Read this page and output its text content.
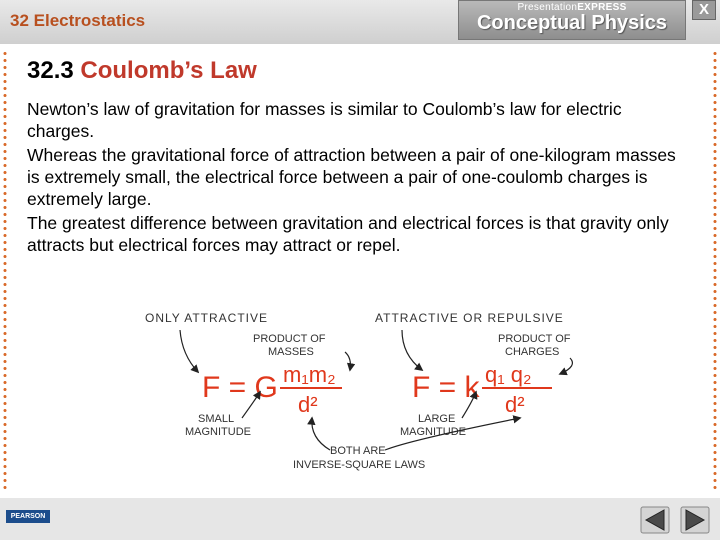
32 Electrostatics
PresentationEXPRESS
Conceptual Physics
X
32.3 Coulomb’s Law

Newton’s law of gravitation for masses is similar to Coulomb’s law for electric charges.

Whereas the gravitational force of attraction between a pair of one-kilogram masses is extremely small, the electrical force between a pair of one-coulomb charges is extremely large.

The greatest difference between gravitation and electrical forces is that gravity only attracts but electrical forces may attract or repel.

ONLY ATTRACTIVE	ATTRACTIVE OR REPULSIVE
PRODUCT OF
MASSES
PRODUCT OF
CHARGES
F = G m₁m₂
d²
F = k q₁ q₂
d²
SMALL
MAGNITUDE
LARGE
MAGNITUDE
BOTH ARE
INVERSE-SQUARE LAWS
PEARSON
